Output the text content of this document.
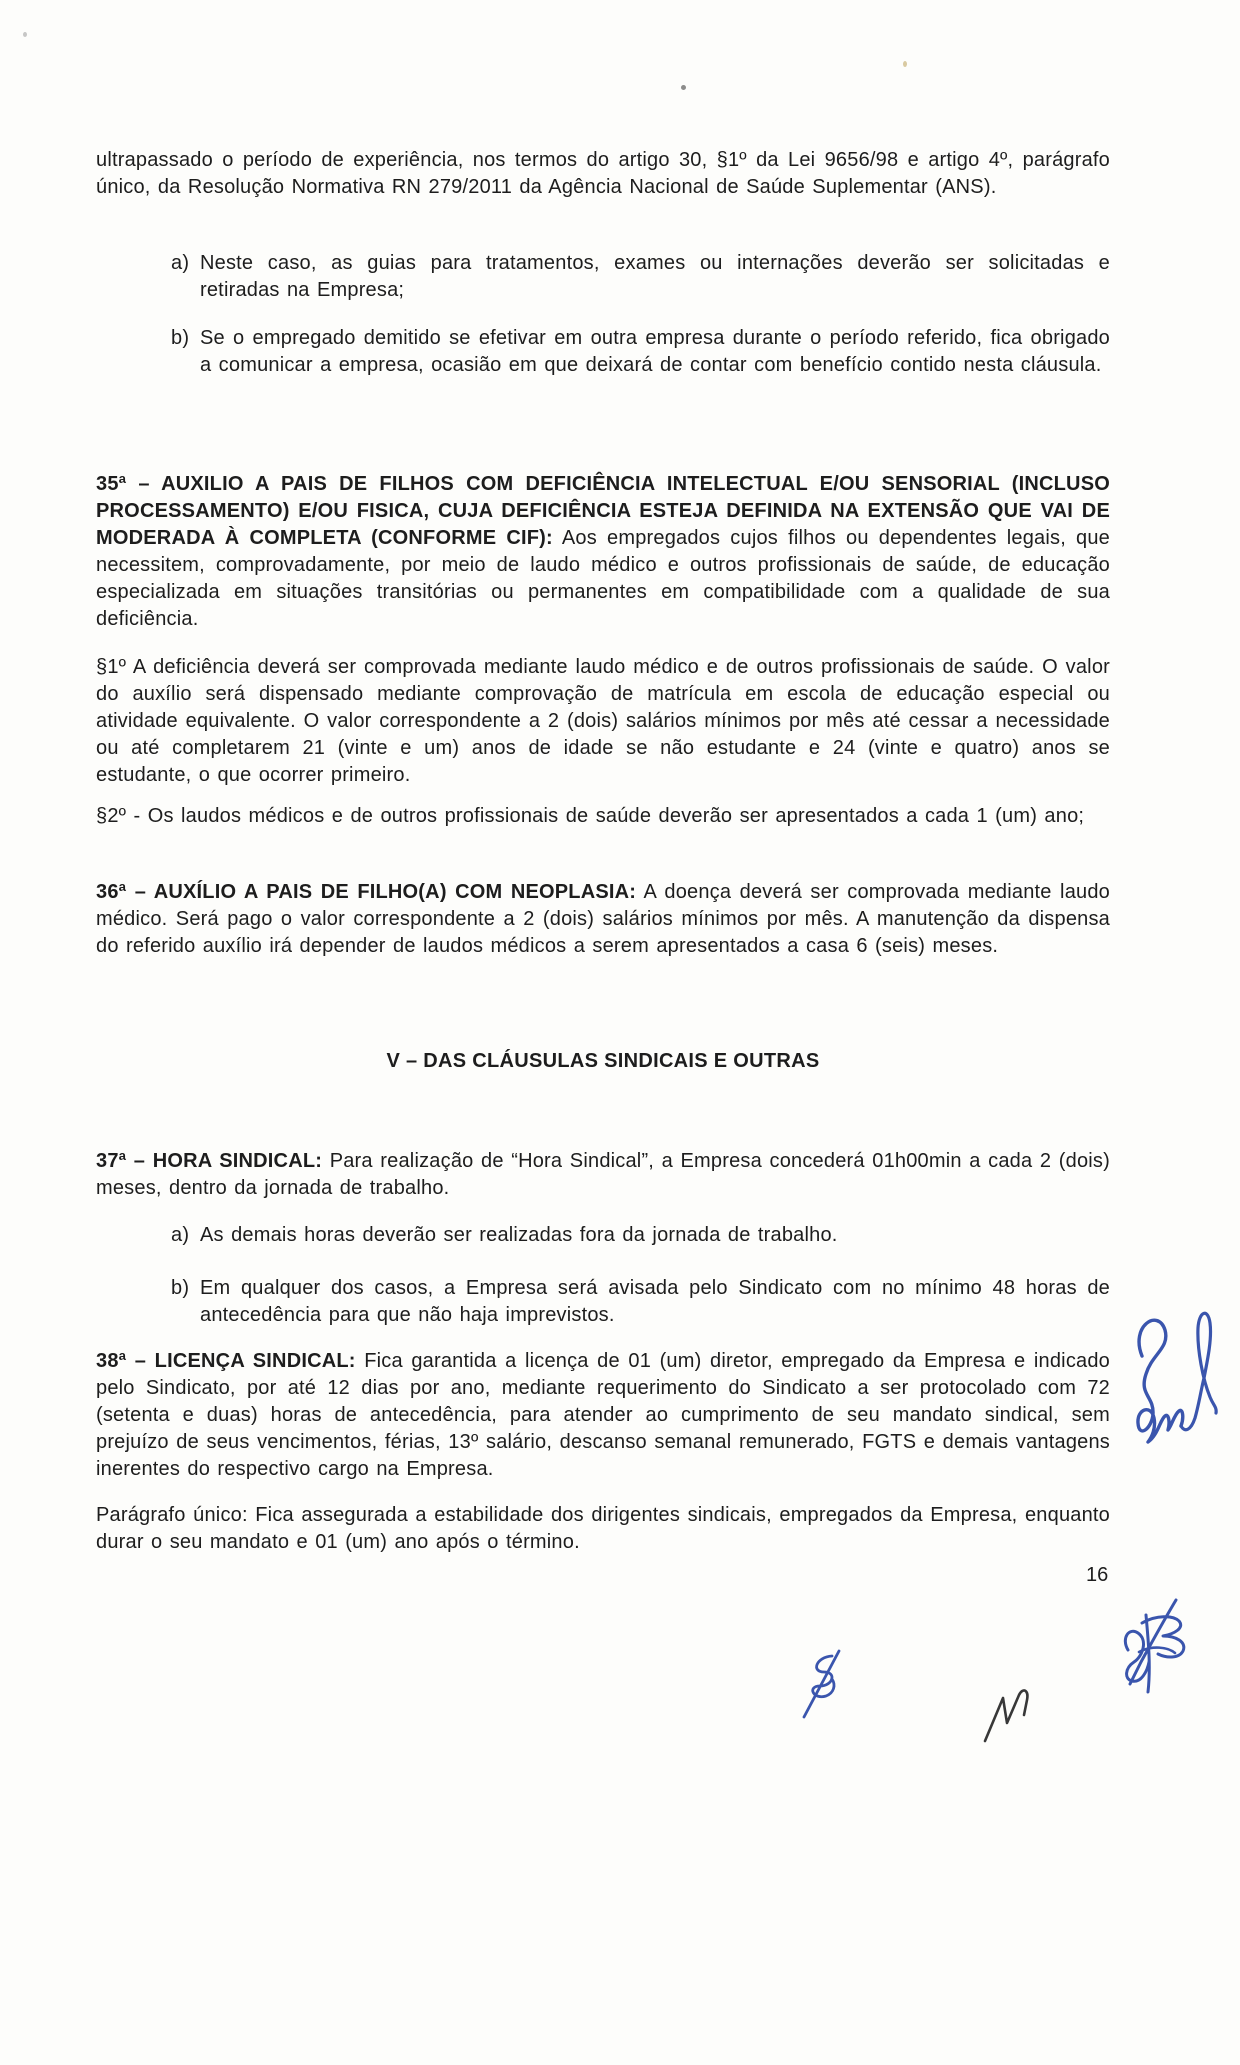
ultrapassado o período de experiência, nos termos do artigo 30, §1º da Lei 9656/98 e artigo 4º, parágrafo único, da Resolução Normativa RN 279/2011 da Agência Nacional de Saúde Suplementar (ANS).

a) Neste caso, as guias para tratamentos, exames ou internações deverão ser solicitadas e retiradas na Empresa;
b) Se o empregado demitido se efetivar em outra empresa durante o período referido, fica obrigado a comunicar a empresa, ocasião em que deixará de contar com benefício contido nesta cláusula.

35ª – AUXILIO A PAIS DE FILHOS COM DEFICIÊNCIA INTELECTUAL E/OU SENSORIAL (INCLUSO PROCESSAMENTO) E/OU FISICA, CUJA DEFICIÊNCIA ESTEJA DEFINIDA NA EXTENSÃO QUE VAI DE MODERADA À COMPLETA (CONFORME CIF): Aos empregados cujos filhos ou dependentes legais, que necessitem, comprovadamente, por meio de laudo médico e outros profissionais de saúde, de educação especializada em situações transitórias ou permanentes em compatibilidade com a qualidade de sua deficiência.

§1º A deficiência deverá ser comprovada mediante laudo médico e de outros profissionais de saúde. O valor do auxílio será dispensado mediante comprovação de matrícula em escola de educação especial ou atividade equivalente. O valor correspondente a 2 (dois) salários mínimos por mês até cessar a necessidade ou até completarem 21 (vinte e um) anos de idade se não estudante e 24 (vinte e quatro) anos se estudante, o que ocorrer primeiro.

§2º - Os laudos médicos e de outros profissionais de saúde deverão ser apresentados a cada 1 (um) ano;

36ª – AUXÍLIO A PAIS DE FILHO(A) COM NEOPLASIA: A doença deverá ser comprovada mediante laudo médico. Será pago o valor correspondente a 2 (dois) salários mínimos por mês. A manutenção da dispensa do referido auxílio irá depender de laudos médicos a serem apresentados a casa 6 (seis) meses.

V – DAS CLÁUSULAS SINDICAIS E OUTRAS

37ª – HORA SINDICAL: Para realização de “Hora Sindical”, a Empresa concederá 01h00min a cada 2 (dois) meses, dentro da jornada de trabalho.

a) As demais horas deverão ser realizadas fora da jornada de trabalho.
b) Em qualquer dos casos, a Empresa será avisada pelo Sindicato com no mínimo 48 horas de antecedência para que não haja imprevistos.

38ª – LICENÇA SINDICAL: Fica garantida a licença de 01 (um) diretor, empregado da Empresa e indicado pelo Sindicato, por até 12 dias por ano, mediante requerimento do Sindicato a ser protocolado com 72 (setenta e duas) horas de antecedência, para atender ao cumprimento de seu mandato sindical, sem prejuízo de seus vencimentos, férias, 13º salário, descanso semanal remunerado, FGTS e demais vantagens inerentes do respectivo cargo na Empresa.

Parágrafo único: Fica assegurada a estabilidade dos dirigentes sindicais, empregados da Empresa, enquanto durar o seu mandato e 01 (um) ano após o término.

16
